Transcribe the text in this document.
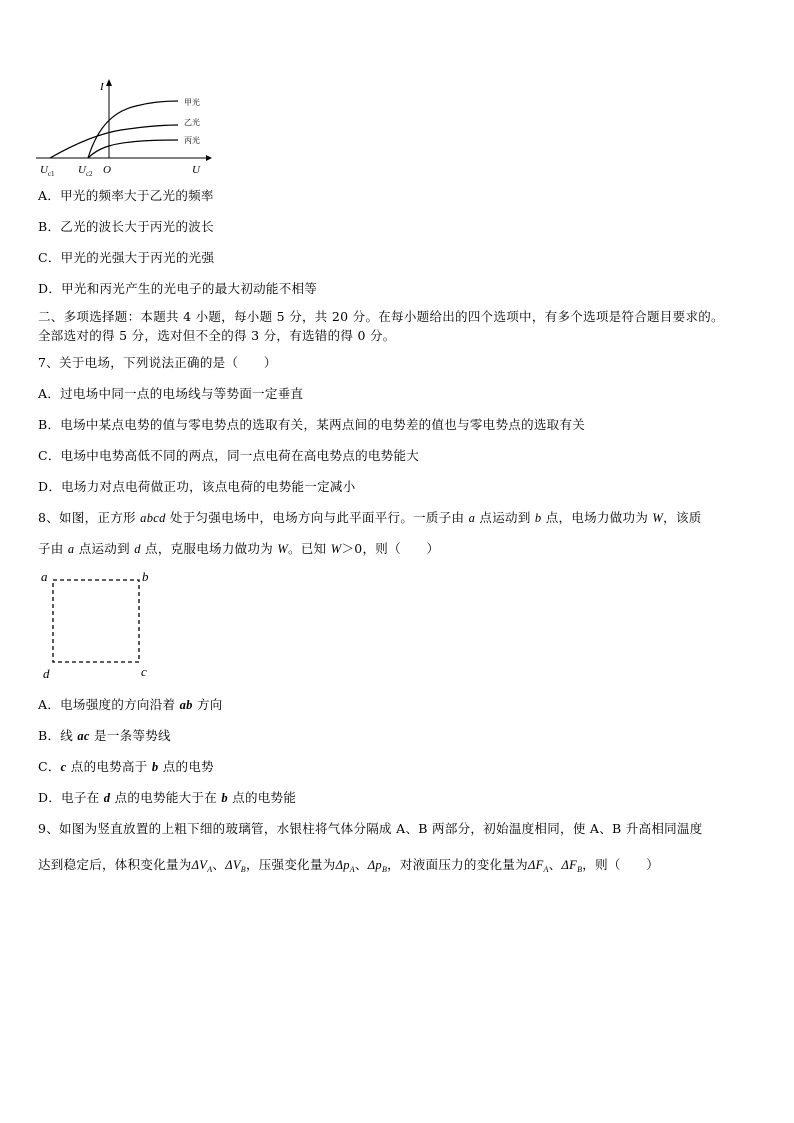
I
甲光
乙光
丙光
$U_{c1}$ $U_{c2}$ O	U
A．甲光的频率大于乙光的频率
B．乙光的波长大于丙光的波长
C．甲光的光强大于丙光的光强
D．甲光和丙光产生的光电子的最大初动能不相等
二、多项选择题：本题共 4 小题，每小题 5 分，共 20 分。在每小题给出的四个选项中，有多个选项是符合题目要求的。
全部选对的得 5 分，选对但不全的得 3 分，有选错的得 0 分。
7、关于电场，下列说法正确的是（　　）
A．过电场中同一点的电场线与等势面一定垂直
B．电场中某点电势的值与零电势点的选取有关，某两点间的电势差的值也与零电势点的选取有关
C．电场中电势高低不同的两点，同一点电荷在高电势点的电势能大
D．电场力对点电荷做正功，该点电荷的电势能一定减小
8、如图，正方形 abcd 处于匀强电场中，电场方向与此平面平行。一质子由 a 点运动到 b 点，电场力做功为 W，该质
子由 a 点运动到 d 点，克服电场力做功为 W。已知 W＞0，则（　　）
a	b
c
d
A．电场强度的方向沿着 ab 方向
B．线 ac 是一条等势线
C．c 点的电势高于 b 点的电势
D．电子在 d 点的电势能大于在 b 点的电势能
9、如图为竖直放置的上粗下细的玻璃管，水银柱将气体分隔成 A、B 两部分，初始温度相同，使 A、B 升高相同温度
达到稳定后，体积变化量为$\Delta V_A$、$\Delta V_B$，压强变化量为$\Delta p_A$、$\Delta p_B$，对液面压力的变化量为$\Delta F_A$、$\Delta F_B$，则（　　）
